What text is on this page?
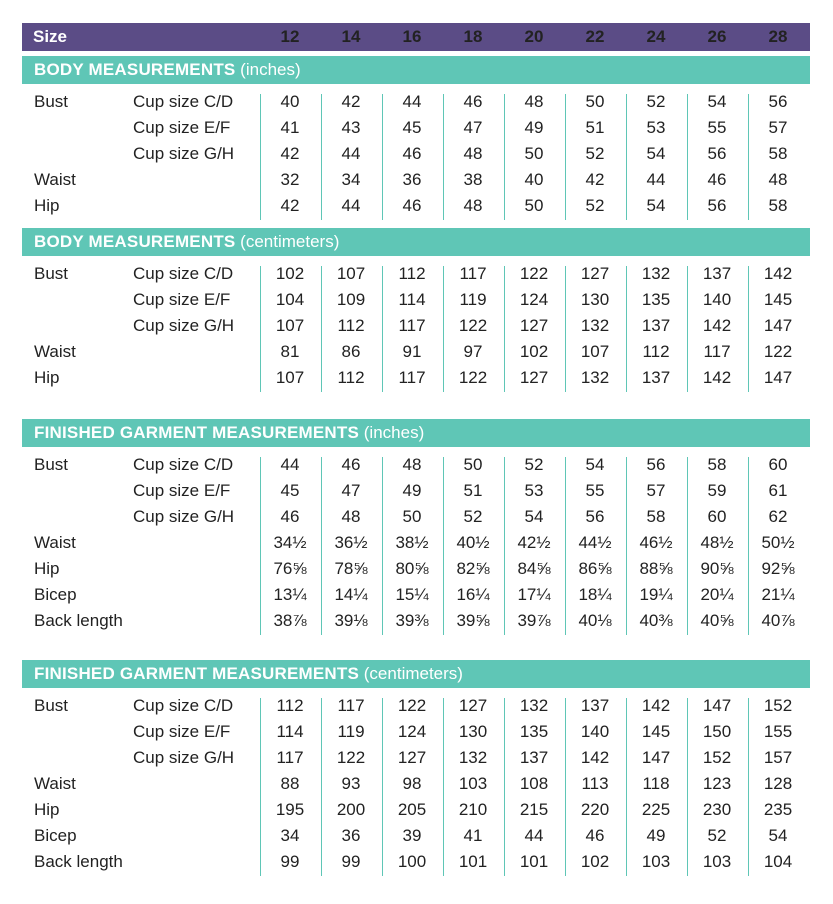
Size	12	14	16	18	20	22	24	26	28
BODY MEASUREMENTS (inches)
Bust	Cup size C/D	40	42	44	46	48	50	52	54	56
Cup size E/F	41	43	45	47	49	51	53	55	57
Cup size G/H	42	44	46	48	50	52	54	56	58
Waist	32	34	36	38	40	42	44	46	48
Hip	42	44	46	48	50	52	54	56	58
BODY MEASUREMENTS (centimeters)
Bust	Cup size C/D	102	107	112	117	122	127	132	137	142
Cup size E/F	104	109	114	119	124	130	135	140	145
Cup size G/H	107	112	117	122	127	132	137	142	147
Waist	81	86	91	97	102	107	112	117	122
Hip	107	112	117	122	127	132	137	142	147
FINISHED GARMENT MEASUREMENTS (inches)
Bust	Cup size C/D	44	46	48	50	52	54	56	58	60
Cup size E/F	45	47	49	51	53	55	57	59	61
Cup size G/H	46	48	50	52	54	56	58	60	62
Waist	34½	36½	38½	40½	42½	44½	46½	48½	50½
Hip	76⅝	78⅝	80⅝	82⅝	84⅝	86⅝	88⅝	90⅝	92⅝
Bicep	13¼	14¼	15¼	16¼	17¼	18¼	19¼	20¼	21¼
Back length	38⅞	39⅛	39⅜	39⅝	39⅞	40⅛	40⅜	40⅝	40⅞
FINISHED GARMENT MEASUREMENTS (centimeters)
Bust	Cup size C/D	112	117	122	127	132	137	142	147	152
Cup size E/F	114	119	124	130	135	140	145	150	155
Cup size G/H	117	122	127	132	137	142	147	152	157
Waist	88	93	98	103	108	113	118	123	128
Hip	195	200	205	210	215	220	225	230	235
Bicep	34	36	39	41	44	46	49	52	54
Back length	99	99	100	101	101	102	103	103	104
